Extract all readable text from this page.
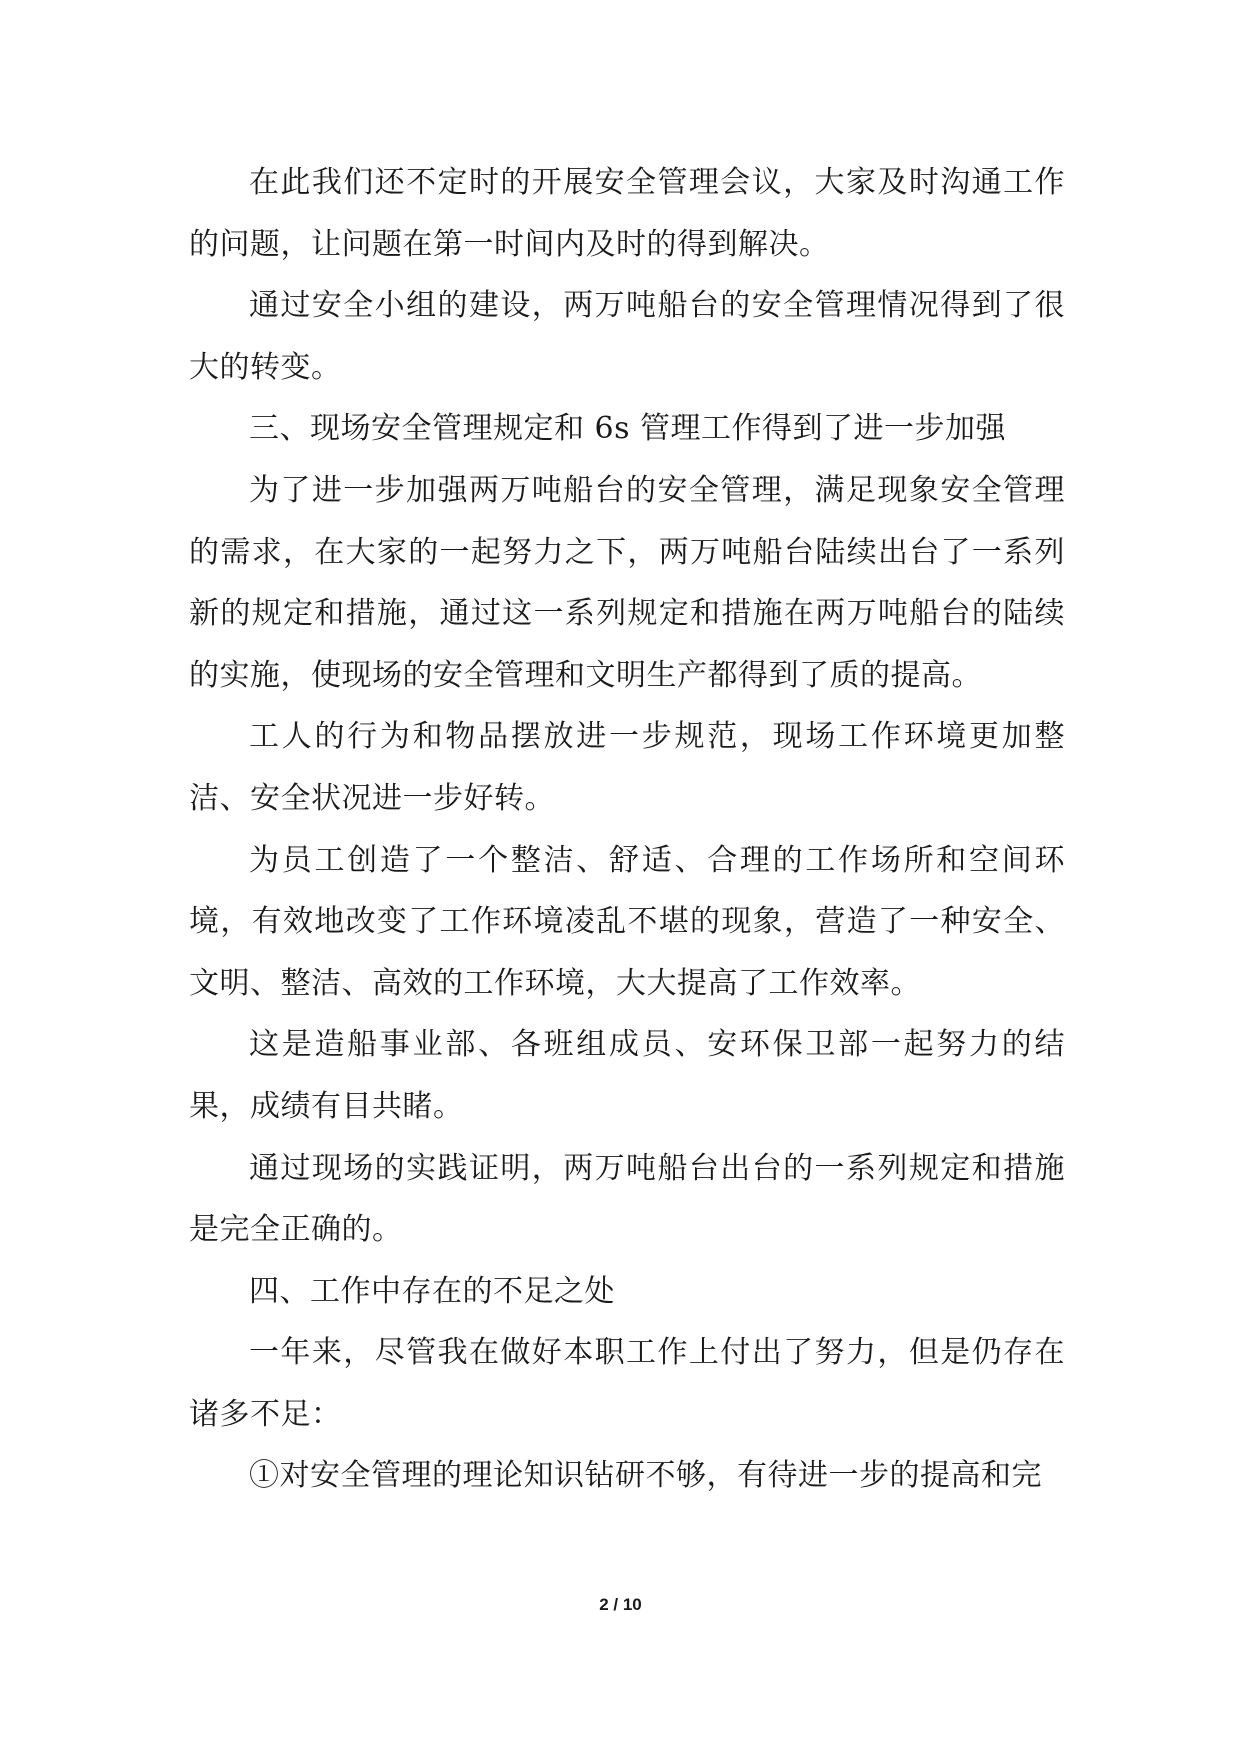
在此我们还不定时的开展安全管理会议，大家及时沟通工作的问题，让问题在第一时间内及时的得到解决。

通过安全小组的建设，两万吨船台的安全管理情况得到了很大的转变。

三、现场安全管理规定和 6s 管理工作得到了进一步加强

为了进一步加强两万吨船台的安全管理，满足现象安全管理的需求，在大家的一起努力之下，两万吨船台陆续出台了一系列新的规定和措施，通过这一系列规定和措施在两万吨船台的陆续的实施，使现场的安全管理和文明生产都得到了质的提高。

工人的行为和物品摆放进一步规范，现场工作环境更加整洁、安全状况进一步好转。

为员工创造了一个整洁、舒适、合理的工作场所和空间环境，有效地改变了工作环境凌乱不堪的现象，营造了一种安全、文明、整洁、高效的工作环境，大大提高了工作效率。

这是造船事业部、各班组成员、安环保卫部一起努力的结果，成绩有目共睹。

通过现场的实践证明，两万吨船台出台的一系列规定和措施是完全正确的。

四、工作中存在的不足之处

一年来，尽管我在做好本职工作上付出了努力，但是仍存在诸多不足：

①对安全管理的理论知识钻研不够，有待进一步的提高和完

2 / 10
